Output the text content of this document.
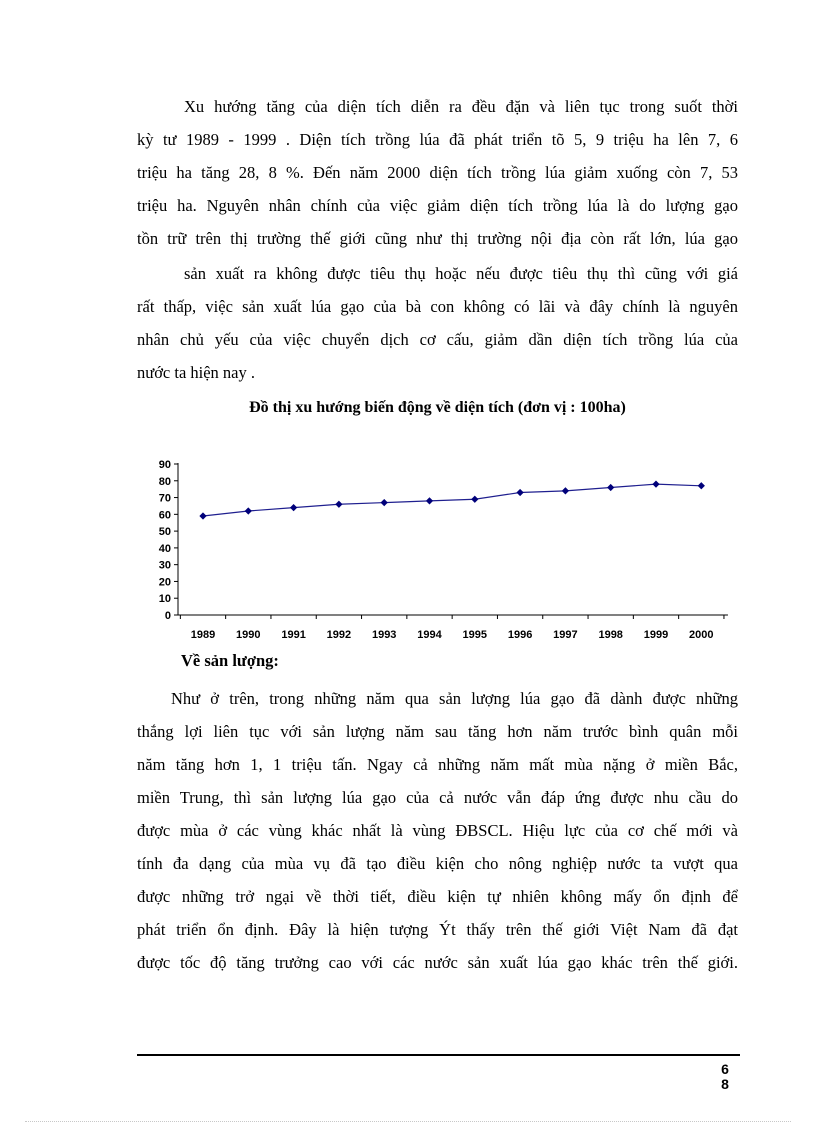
Xu hướng tăng của diện tích diễn ra đều đặn và liên tục trong suốt thời
kỳ tư 1989 - 1999 . Diện tích trồng lúa đã phát triển tõ 5, 9 triệu ha lên 7, 6
triệu ha tăng 28, 8 %. Đến năm 2000 diện tích trồng lúa giảm xuống còn 7, 53
triệu ha. Nguyên nhân chính của việc giảm diện tích trồng lúa là do lượng gạo
tồn trữ trên thị trường thế giới cũng như thị trường nội địa còn rất lớn, lúa gạo
sản xuất ra không được tiêu thụ hoặc nếu được tiêu thụ thì cũng với giá
rất thấp, việc sản xuất lúa gạo của bà con không có lãi và đây chính là nguyên
nhân chủ yếu của việc chuyển dịch cơ cấu, giảm dần diện tích trồng lúa của
nước ta hiện nay .

Đồ thị xu hướng biến động về diện tích (đơn vị : 100ha)

0
10
20
30
40
50
60
70
80
90
1989 1990 1991 1992 1993 1994 1995 1996 1997 1998 1999 2000

Về sản lượng:

Như ở trên, trong những năm qua sản lượng lúa gạo đã dành được những
thắng lợi liên tục với sản lượng năm sau tăng hơn năm trước bình quân mỗi
năm tăng hơn 1, 1 triệu tấn. Ngay cả những năm mất mùa nặng ở miền Bắc,
miền Trung, thì sản lượng lúa gạo của cả nước vẫn đáp ứng được nhu cầu do
được mùa ở các vùng khác nhất là vùng ĐBSCL. Hiệu lực của cơ chế mới và
tính đa dạng của mùa vụ đã tạo điều kiện cho nông nghiệp nước ta vượt qua
được những trở ngại về thời tiết, điều kiện tự nhiên không mấy ổn định để
phát triển ổn định. Đây là hiện tượng Ýt thấy trên thế giới Việt Nam đã đạt
được tốc độ tăng trưởng cao với các nước sản xuất lúa gạo khác trên thế giới.
6
8
